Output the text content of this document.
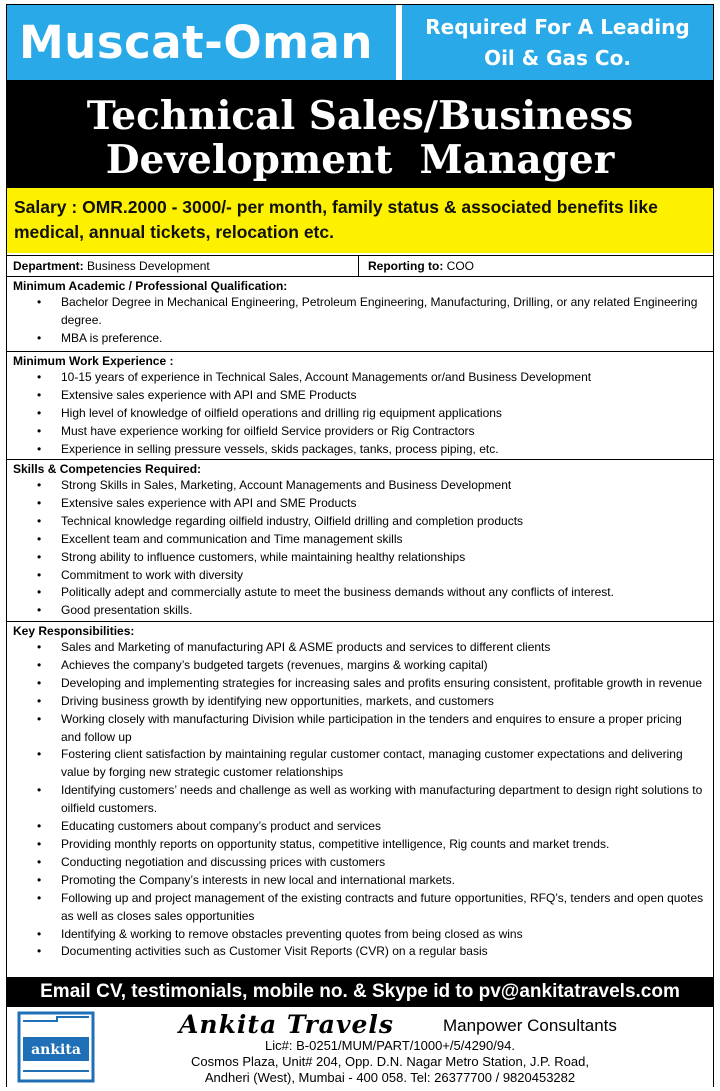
Muscat-Oman	Required For A Leading
Oil & Gas Co.
Technical Sales/Business
Development  Manager
Salary : OMR.2000 - 3000/- per month, family status & associated benefits like
medical, annual tickets, relocation etc.
Department: Business Development	Reporting to: COO
Minimum Academic / Professional Qualification:
• Bachelor Degree in Mechanical Engineering, Petroleum Engineering, Manufacturing, Drilling, or any related Engineering degree.
• MBA is preference.
Minimum Work Experience :
• 10-15 years of experience in Technical Sales, Account Managements or/and Business Development
• Extensive sales experience with API and SME Products
• High level of knowledge of oilfield operations and drilling rig equipment applications
• Must have experience working for oilfield Service providers or Rig Contractors
• Experience in selling pressure vessels, skids packages, tanks, process piping, etc.
Skills & Competencies Required:
• Strong Skills in Sales, Marketing, Account Managements and Business Development
• Extensive sales experience with API and SME Products
• Technical knowledge regarding oilfield industry, Oilfield drilling and completion products
• Excellent team and communication and Time management skills
• Strong ability to influence customers, while maintaining healthy relationships
• Commitment to work with diversity
• Politically adept and commercially astute to meet the business demands without any conflicts of interest.
• Good presentation skills.
Key Responsibilities:
• Sales and Marketing of manufacturing API & ASME products and services to different clients
• Achieves the company’s budgeted targets (revenues, margins & working capital)
• Developing and implementing strategies for increasing sales and profits ensuring consistent, profitable growth in revenue
• Driving business growth by identifying new opportunities, markets, and customers
• Working closely with manufacturing Division while participation in the tenders and enquires to ensure a proper pricing and follow up
• Fostering client satisfaction by maintaining regular customer contact, managing customer expectations and delivering value by forging new strategic customer relationships
• Identifying customers’ needs and challenge as well as working with manufacturing department to design right solutions to oilfield customers.
• Educating customers about company’s product and services
• Providing monthly reports on opportunity status, competitive intelligence, Rig counts and market trends.
• Conducting negotiation and discussing prices with customers
• Promoting the Company’s interests in new local and international markets.
• Following up and project management of the existing contracts and future opportunities, RFQ’s, tenders and open quotes as well as closes sales opportunities
• Identifying & working to remove obstacles preventing quotes from being closed as wins
• Documenting activities such as Customer Visit Reports (CVR) on a regular basis
Email CV, testimonials, mobile no. & Skype id to pv@ankitatravels.com
ankita
Ankita Travels	Manpower Consultants
Lic#: B-0251/MUM/PART/1000+/5/4290/94.
Cosmos Plaza, Unit# 204, Opp. D.N. Nagar Metro Station, J.P. Road,
Andheri (West), Mumbai - 400 058. Tel: 26377700 / 9820453282
